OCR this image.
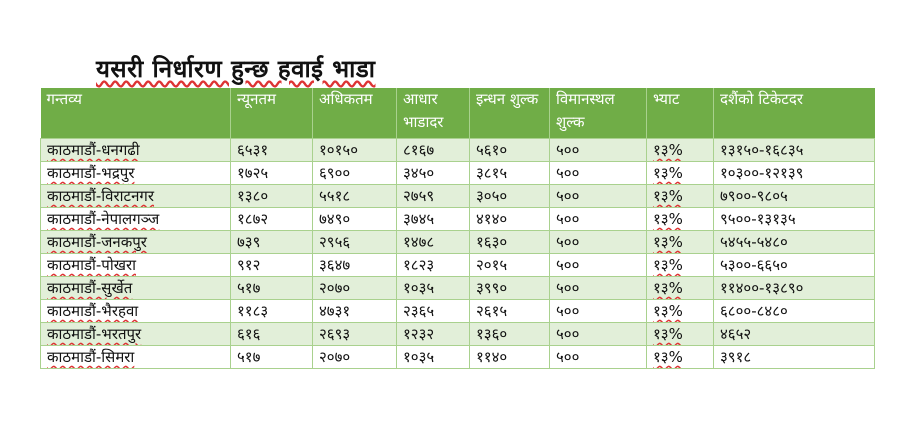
यसरी निर्धारण हुन्छ हवाई भाडा
गन्तव्य	न्यूनतम	अधिकतम	आधार भाडादर	इन्धन शुल्क	विमानस्थल शुल्क	भ्याट	दशैंको टिकेटदर
काठमाडौं-धनगढी	६५३१	१०१५०	८१६७	५६१०	५००	१३%	१३१५०-१६८३५
काठमाडौं-भद्रपुर	१७२५	६९००	३४५०	३८१५	५००	१३%	१०३००-१२१३९
काठमाडौं-विराटनगर	१३८०	५५१८	२७५९	३०५०	५००	१३%	७९००-९८०५
काठमाडौं-नेपालगञ्ज	१८७२	७४९०	३७४५	४१४०	५००	१३%	९५००-१३१३५
काठमाडौं-जनकपुर	७३९	२९५६	१४७८	१६३०	५००	१३%	५४५५-५४८०
काठमाडौं-पोखरा	९१२	३६४७	१८२३	२०१५	५००	१३%	५३००-६६५०
काठमाडौं-सुर्खेत	५१७	२०७०	१०३५	३९९०	५००	१३%	११४००-१३८९०
काठमाडौं-भैरहवा	११८३	४७३१	२३६५	२६१५	५००	१३%	६८००-८४८०
काठमाडौं-भरतपुर	६१६	२६९३	१२३२	१३६०	५००	१३%	४६५२
काठमाडौं-सिमरा	५१७	२०७०	१०३५	११४०	५००	१३%	३९१८
